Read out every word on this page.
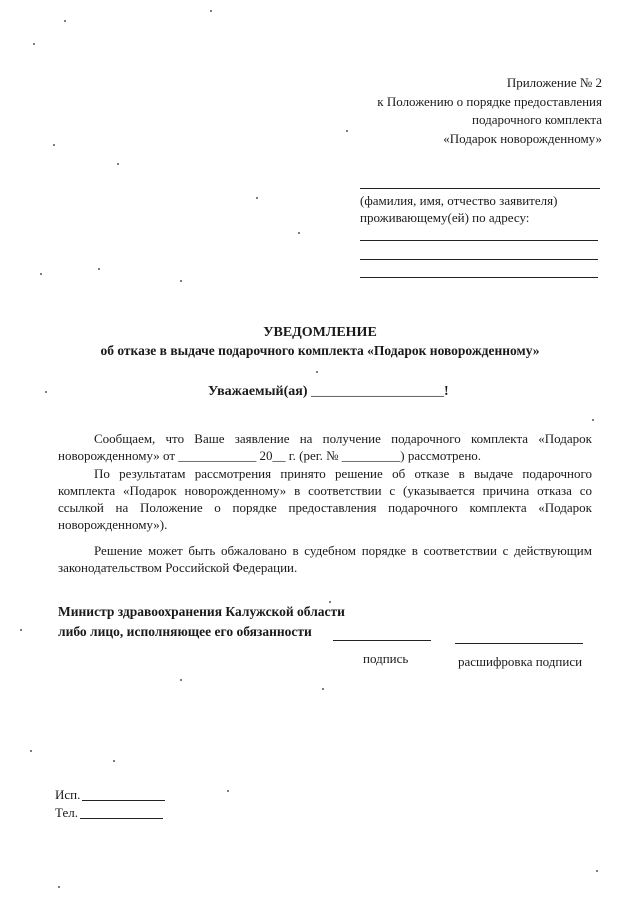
Приложение № 2
к Положению о порядке предоставления
подарочного комплекта
«Подарок новорожденному»
(фамилия, имя, отчество заявителя)
проживающему(ей) по адресу:
УВЕДОМЛЕНИЕ
об отказе в выдаче подарочного комплекта «Подарок новорожденному»
Уважаемый(ая) ___________________!
Сообщаем, что Ваше заявление на получение подарочного комплекта «Подарок
новорожденному» от ____________ 20__ г. (рег. № _________) рассмотрено.
По результатам рассмотрения принято решение об отказе в выдаче подарочного
комплекта «Подарок новорожденному» в соответствии с (указывается причина отказа со
ссылкой на Положение о порядке предоставления подарочного комплекта «Подарок
новорожденному»).
Решение может быть обжаловано в судебном порядке в соответствии с действующим
законодательством Российской Федерации.
Министр здравоохранения Калужской области
либо лицо, исполняющее его обязанности
подпись	расшифровка подписи
Исп.
Тел.
